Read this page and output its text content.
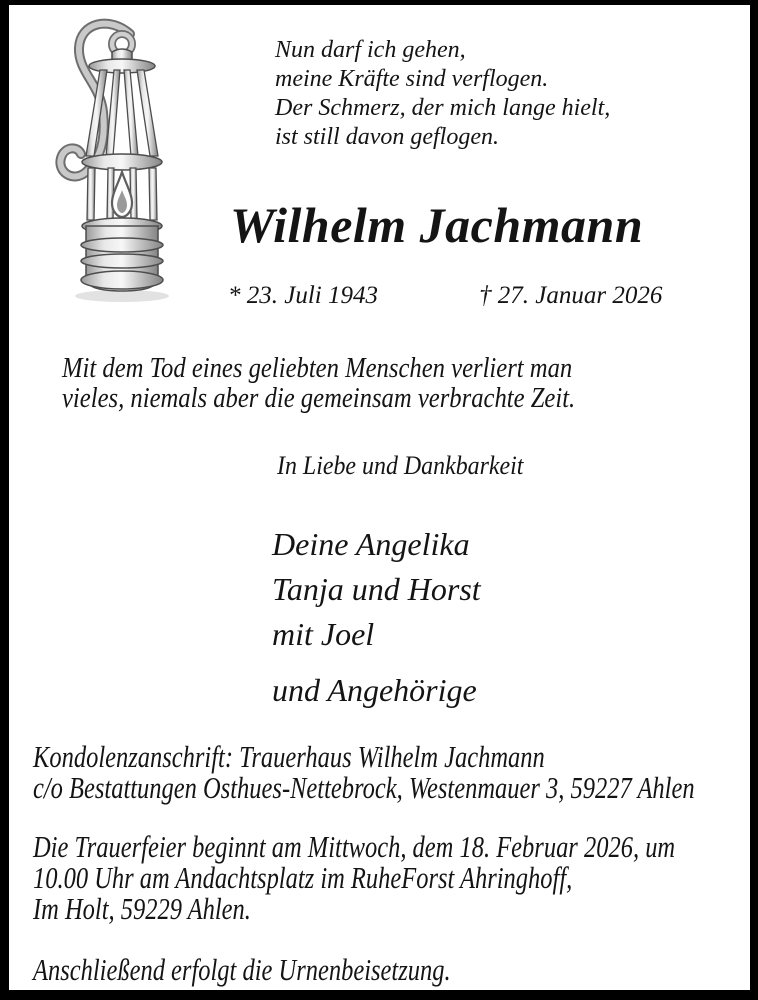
Nun darf ich gehen,
meine Kräfte sind verflogen.
Der Schmerz, der mich lange hielt,
ist still davon geflogen.
Wilhelm Jachmann
* 23. Juli 1943	† 27. Januar 2026
Mit dem Tod eines geliebten Menschen verliert man
vieles, niemals aber die gemeinsam verbrachte Zeit.
In Liebe und Dankbarkeit
Deine Angelika
Tanja und Horst
mit Joel
und Angehörige
Kondolenzanschrift: Trauerhaus Wilhelm Jachmann
c/o Bestattungen Osthues-Nettebrock, Westenmauer 3, 59227 Ahlen
Die Trauerfeier beginnt am Mittwoch, dem 18. Februar 2026, um
10.00 Uhr am Andachtsplatz im RuheForst Ahringhoff,
Im Holt, 59229 Ahlen.
Anschließend erfolgt die Urnenbeisetzung.
